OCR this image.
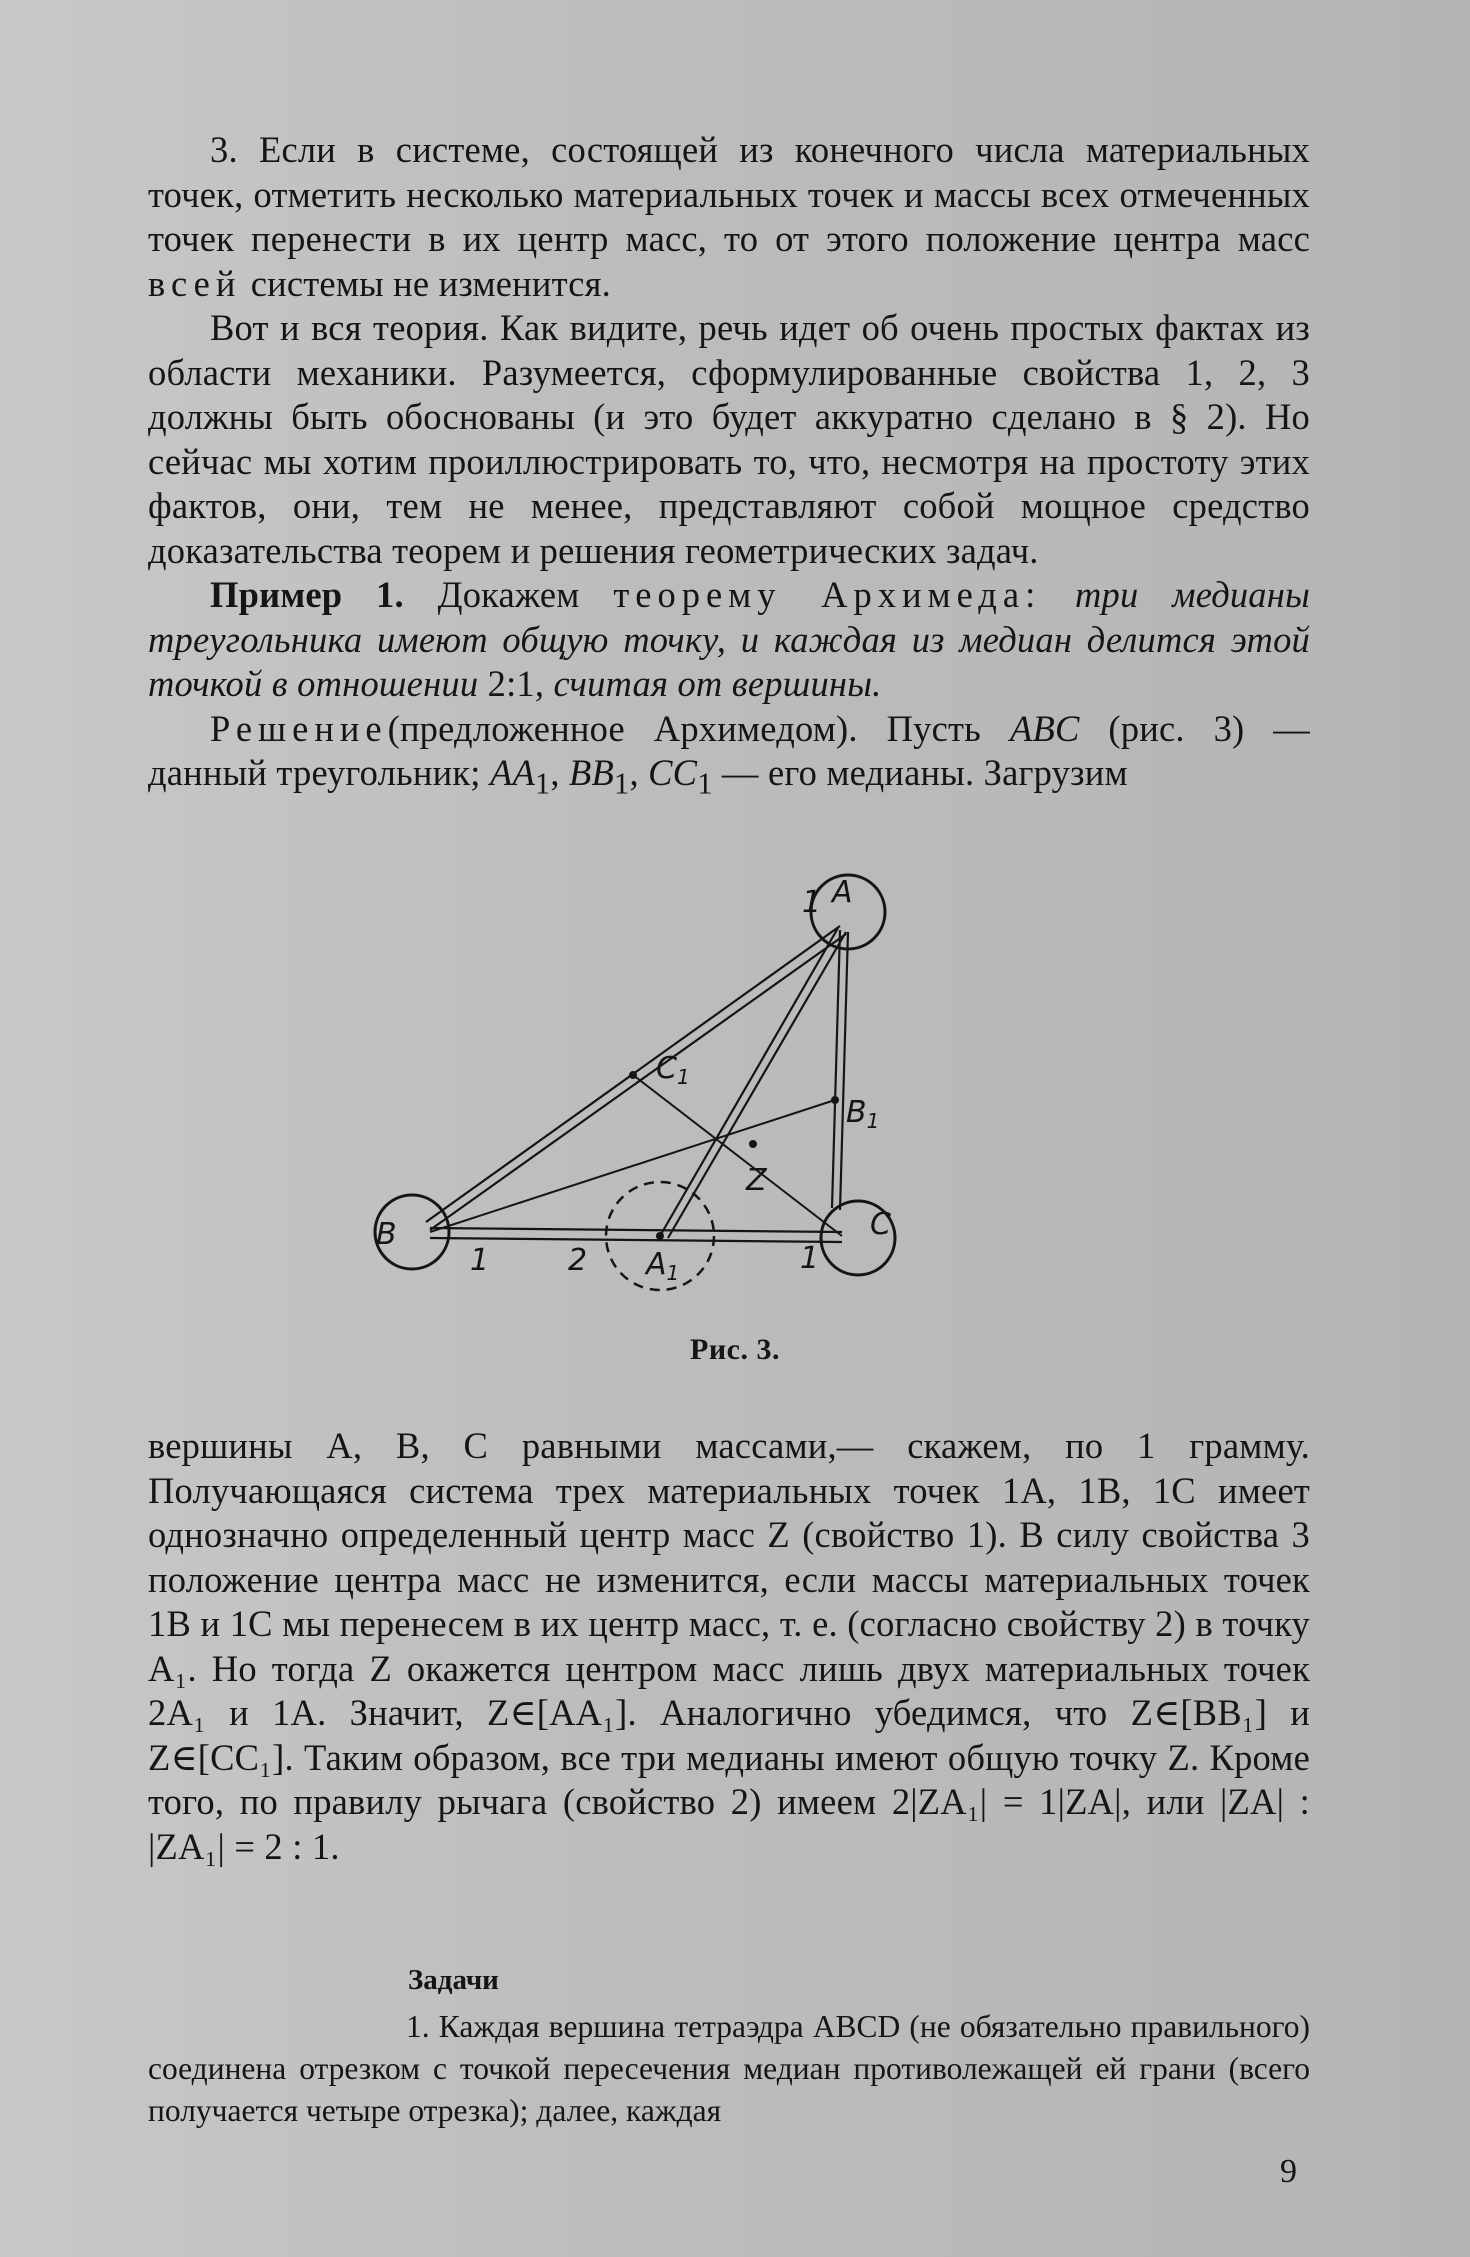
3. Если в системе, состоящей из конечного числа материальных точек, отметить несколько материальных точек и массы всех отмеченных точек перенести в их центр масс, то от этого положение центра масс всей системы не изменится.

Вот и вся теория. Как видите, речь идет об очень простых фактах из области механики. Разумеется, сформулированные свойства 1, 2, 3 должны быть обоснованы (и это будет аккуратно сделано в § 2). Но сейчас мы хотим проиллюстрировать то, что, несмотря на простоту этих фактов, они, тем не менее, представляют собой мощное средство доказательства теорем и решения геометрических задач.

Пример 1. Докажем теорему Архимеда: три медианы треугольника имеют общую точку, и каждая из медиан делится этой точкой в отношении 2:1, считая от вершины.

Решение(предложенное Архимедом). Пусть ABC (рис. 3) — данный треугольник; $AA_1$, $BB_1$, $CC_1$ — его медианы. Загрузим

A
B	C
$C_1$
$B_1$
$A_1$
Z
1
1	1
2
Рис. 3.

вершины A, B, C равными массами,— скажем, по 1 грамму. Получающаяся система трех материальных точек 1A, 1B, 1C имеет однозначно определенный центр масс Z (свойство 1). В силу свойства 3 положение центра масс не изменится, если массы материальных точек 1B и 1C мы перенесем в их центр масс, т. е. (согласно свойству 2) в точку A₁. Но тогда Z окажется центром масс лишь двух материальных точек 2A₁ и 1A. Значит, Z∈[AA₁]. Аналогично убедимся, что Z∈[BB₁] и Z∈[CC₁]. Таким образом, все три медианы имеют общую точку Z. Кроме того, по правилу рычага (свойство 2) имеем 2|ZA₁| = 1|ZA|, или |ZA| : |ZA₁| = 2 : 1.

Задачи

1. Каждая вершина тетраэдра ABCD (не обязательно правильного) соединена отрезком с точкой пересечения медиан противолежащей ей грани (всего получается четыре отрезка); далее, каждая

9
